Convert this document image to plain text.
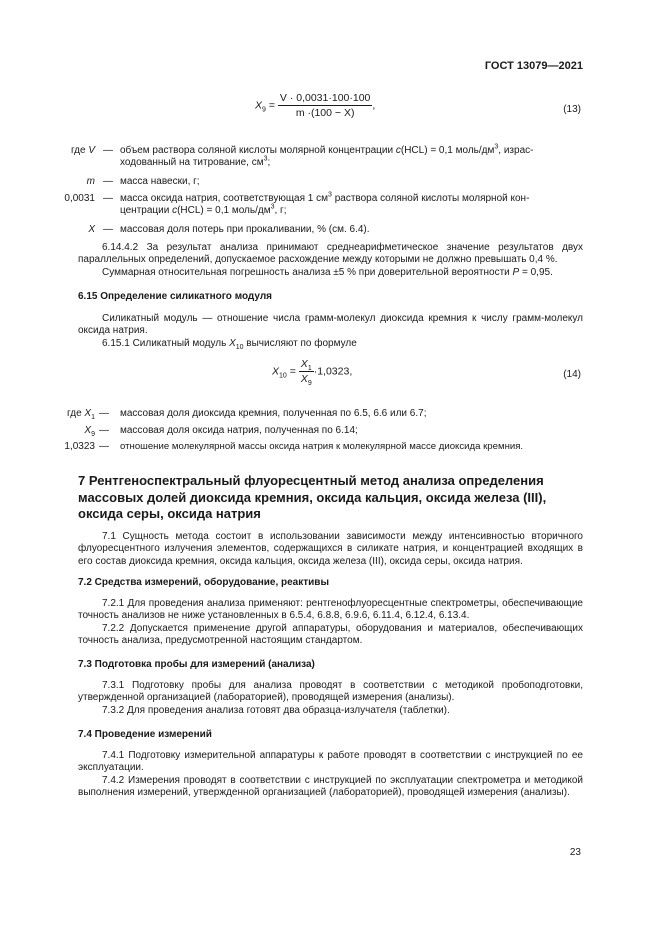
ГОСТ 13079—2021
$X_9 = \frac{V \cdot 0,0031\cdot 100\cdot 100}{m \cdot(100 - X)}$ ,	(13)
где V — объем раствора соляной кислоты молярной концентрации c(HCL) = 0,1 моль/$дм^3$, израс-
ходованный на титрование, $см^3$;
m — масса навески, г;
0,0031 — масса оксида натрия, соответствующая 1 $см^3$ раствора соляной кислоты молярной кон-
центрации c(HCL) = 0,1 моль/$дм^3$, г;
X — массовая доля потерь при прокаливании, % (см. 6.4).
6.14.4.2 За результат анализа принимают среднеарифметическое значение результатов двух параллельных определений, допускаемое расхождение между которыми не должно превышать 0,4 %.
Суммарная относительная погрешность анализа ±5 % при доверительной вероятности P = 0,95.
6.15 Определение силикатного модуля
Силикатный модуль — отношение числа грамм-молекул диоксида кремния к числу грамм-молекул оксида натрия.
6.15.1 Силикатный модуль $X_{10}$ вычисляют по формуле
$X_{10} = \frac{X_1}{X_9} \cdot 1,0323$,	(14)
где $X_1$ —	массовая доля диоксида кремния, полученная по 6.5, 6.6 или 6.7;
$X_9$ —	массовая доля оксида натрия, полученная по 6.14;
1,0323 —	отношение молекулярной массы оксида натрия к молекулярной массе диоксида кремния.
7 Рентгеноспектральный флуоресцентный метод анализа определения массовых долей диоксида кремния, оксида кальция, оксида железа (III), оксида серы, оксида натрия
7.1 Сущность метода состоит в использовании зависимости между интенсивностью вторичного флуоресцентного излучения элементов, содержащихся в силикате натрия, и концентрацией входящих в его состав диоксида кремния, оксида кальция, оксида железа (III), оксида серы, оксида натрия.
7.2 Средства измерений, оборудование, реактивы
7.2.1 Для проведения анализа применяют: рентгенофлуоресцентные спектрометры, обеспечивающие точность анализов не ниже установленных в 6.5.4, 6.8.8, 6.9.6, 6.11.4, 6.12.4, 6.13.4.
7.2.2 Допускается применение другой аппаратуры, оборудования и материалов, обеспечивающих точность анализа, предусмотренной настоящим стандартом.
7.3 Подготовка пробы для измерений (анализа)
7.3.1 Подготовку пробы для анализа проводят в соответствии с методикой пробоподготовки, утвержденной организацией (лабораторией), проводящей измерения (анализы).
7.3.2 Для проведения анализа готовят два образца-излучателя (таблетки).
7.4 Проведение измерений
7.4.1 Подготовку измерительной аппаратуры к работе проводят в соответствии с инструкцией по ее эксплуатации.
7.4.2 Измерения проводят в соответствии с инструкцией по эксплуатации спектрометра и методикой выполнения измерений, утвержденной организацией (лабораторией), проводящей измерения (анализы).
23
